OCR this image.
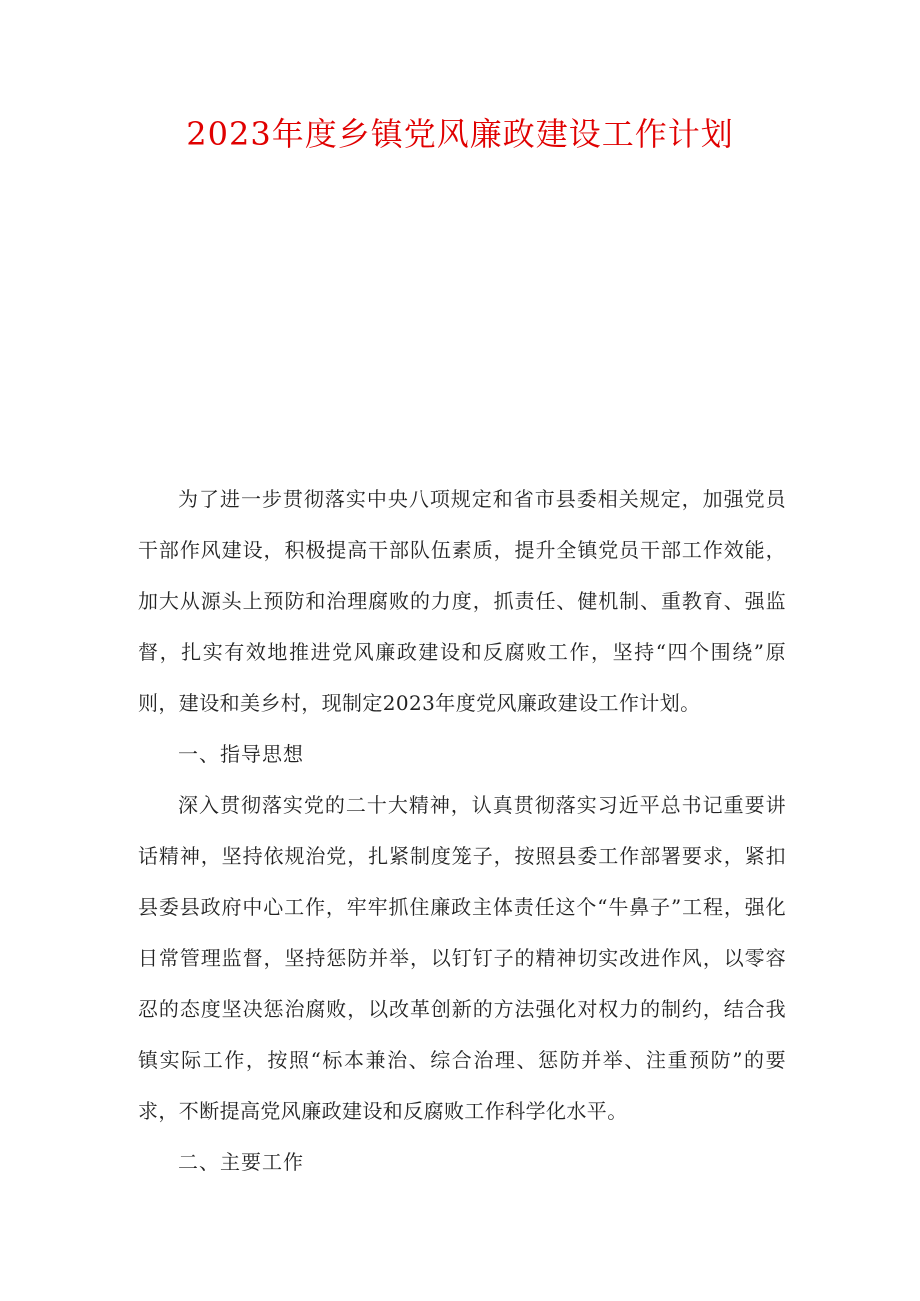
2023年度乡镇党风廉政建设工作计划

为了进一步贯彻落实中央八项规定和省市县委相关规定，加强党员干部作风建设，积极提高干部队伍素质，提升全镇党员干部工作效能，加大从源头上预防和治理腐败的力度，抓责任、健机制、重教育、强监督，扎实有效地推进党风廉政建设和反腐败工作，坚持“四个围绕”原则，建设和美乡村，现制定2023年度党风廉政建设工作计划。

一、指导思想

深入贯彻落实党的二十大精神，认真贯彻落实习近平总书记重要讲话精神，坚持依规治党，扎紧制度笼子，按照县委工作部署要求，紧扣县委县政府中心工作，牢牢抓住廉政主体责任这个“牛鼻子”工程，强化日常管理监督，坚持惩防并举，以钉钉子的精神切实改进作风，以零容忍的态度坚决惩治腐败，以改革创新的方法强化对权力的制约，结合我镇实际工作，按照“标本兼治、综合治理、惩防并举、注重预防”的要求，不断提高党风廉政建设和反腐败工作科学化水平。

二、主要工作
